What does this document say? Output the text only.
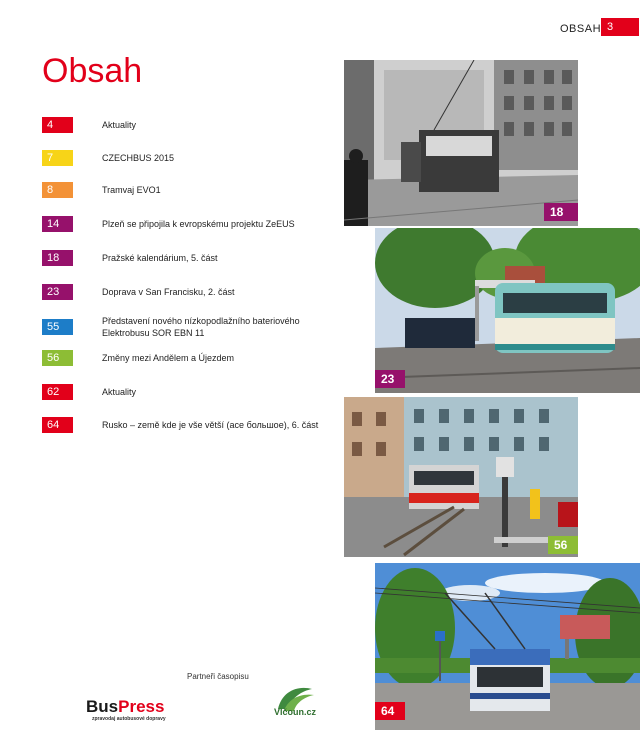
OBSAH 3
Obsah
4	Aktuality
7	CZECHBUS 2015
8	Tramvaj EVO1
14	Plzeň se připojila k evropskému projektu ZeEUS
18	Pražské kalendárium, 5. část
23	Doprava v San Francisku, 2. část
55	Představení nového nízkopodlažního bateriového
Elektrobusu SOR EBN 11
56	Změny mezi Andělem a Újezdem
62	Aktuality
64	Rusko – země kde je vše větší (асе большое), 6. část
18
23
56
64
Partneři časopisu
BusPress
zpravodaj autobusové dopravy
Vlčoun.cz
